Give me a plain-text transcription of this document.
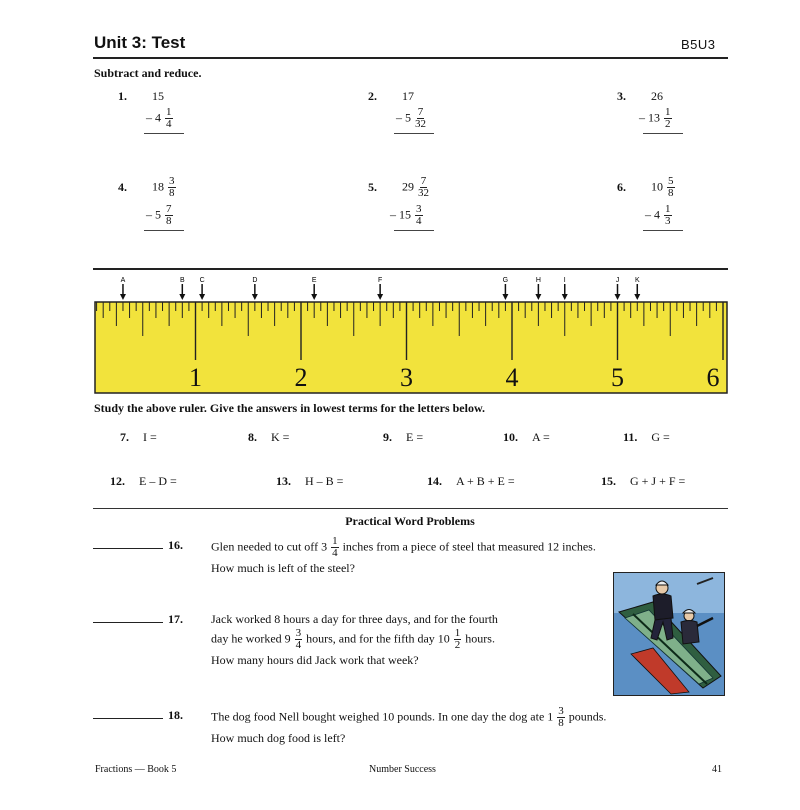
Unit 3: Test	B5U3
Subtract and reduce.
1. 15
– $4 \frac{1}{4}$
2. 17
– $5 \frac{7}{32}$
3. 26
– $13 \frac{1}{2}$
4. $18 \frac{3}{8}$
– $5 \frac{7}{8}$
5. $29 \frac{7}{32}$
– $15 \frac{3}{4}$
6. $10 \frac{5}{8}$
– $4 \frac{1}{3}$
A	B C	D	E	F	G	H	I	J K
1	2	3	4	5	6
Study the above ruler. Give the answers in lowest terms for the letters below.
7. I =	8. K =	9. E =	10. A =	11. G =
12. E – D =	13. H – B =	14. A + B + E =	15. G + J + F =
Practical Word Problems
16. Glen needed to cut off $3 \frac{1}{4}$ inches from a piece of steel that measured 12 inches.
How much is left of the steel?
17. Jack worked 8 hours a day for three days, and for the fourth
day he worked $9 \frac{3}{4}$ hours, and for the fifth day $10 \frac{1}{2}$ hours.
How many hours did Jack work that week?
18. The dog food Nell bought weighed 10 pounds. In one day the dog ate $1 \frac{3}{8}$ pounds.
How much dog food is left?
Fractions — Book 5	Number Success	41
